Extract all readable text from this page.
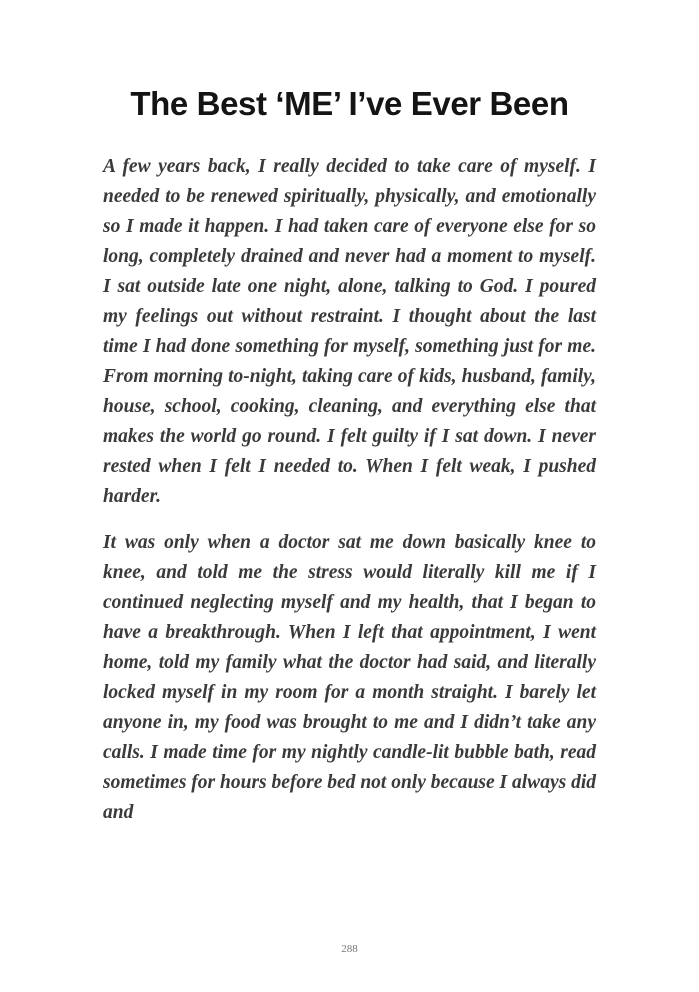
The Best ‘ME’ I’ve Ever Been

A few years back, I really decided to take care of myself. I needed to be renewed spiritually, physically, and emotionally so I made it happen. I had taken care of everyone else for so long, completely drained and never had a moment to myself. I sat outside late one night, alone, talking to God. I poured my feelings out without restraint. I thought about the last time I had done something for myself, something just for me. From morning to-night, taking care of kids, husband, family, house, school, cooking, cleaning, and everything else that makes the world go round. I felt guilty if I sat down. I never rested when I felt I needed to. When I felt weak, I pushed harder.

It was only when a doctor sat me down basically knee to knee, and told me the stress would literally kill me if I continued neglecting myself and my health, that I began to have a breakthrough. When I left that appointment, I went home, told my family what the doctor had said, and literally locked myself in my room for a month straight. I barely let anyone in, my food was brought to me and I didn’t take any calls. I made time for my nightly candle-lit bubble bath, read sometimes for hours before bed not only because I always did and

288
